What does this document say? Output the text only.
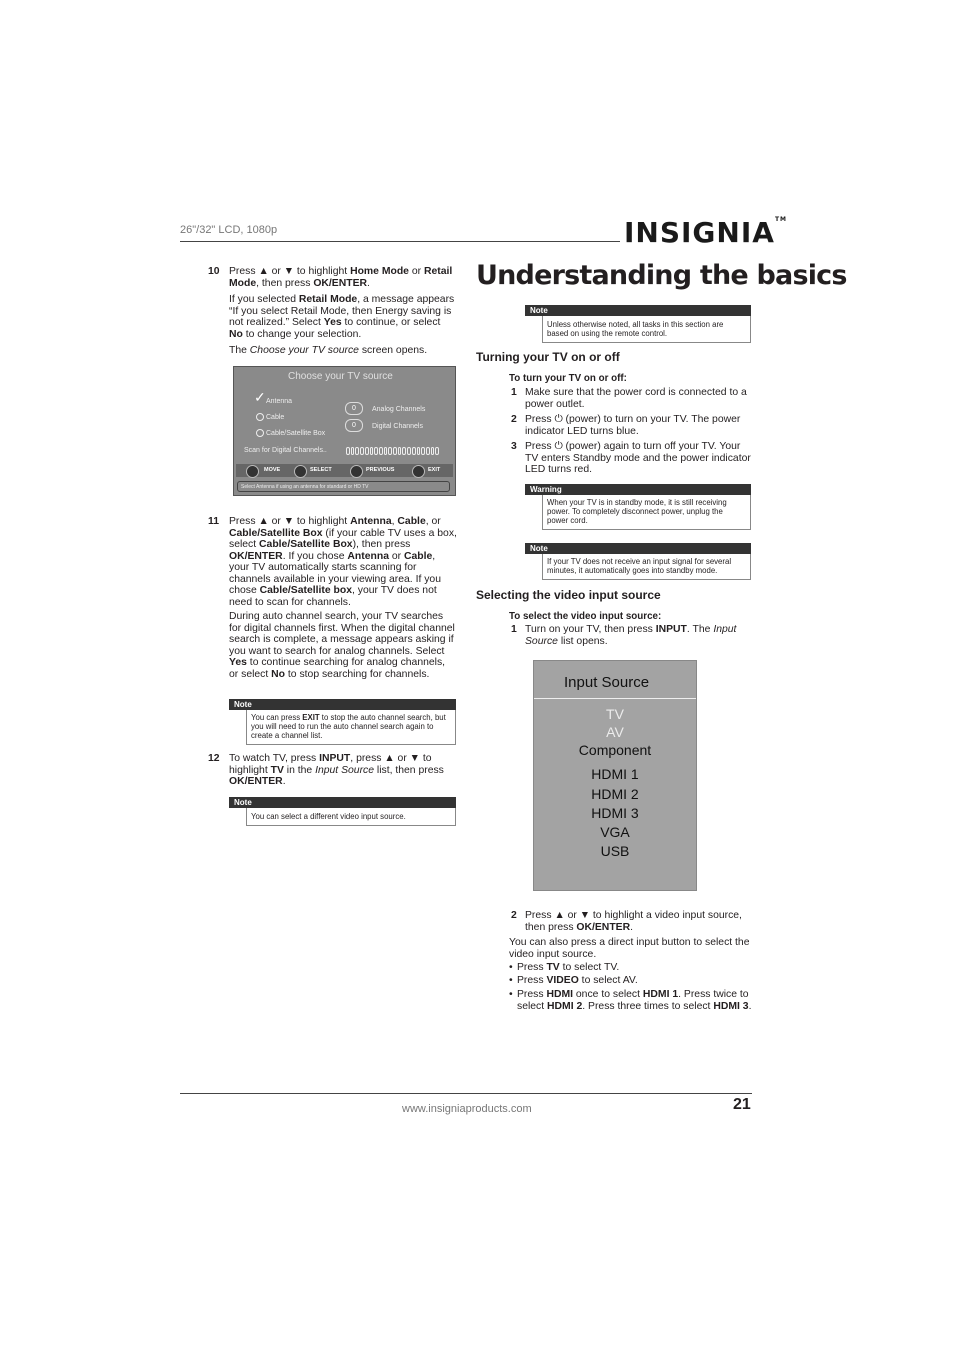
26"/32" LCD, 1080p	INSIGNIA™
www.insigniaproducts.com	21
10 Press ▲ or ▼ to highlight Home Mode or Retail Mode, then press OK/ENTER.
If you selected Retail Mode, a message appears “If you select Retail Mode, then Energy saving is not realized.” Select Yes to continue, or select No to change your selection.
The Choose your TV source screen opens.
Choose your TV source
✓ Antenna
Cable
Cable/Satellite Box
0	Analog Channels
0	Digital Channels
Scan for Digital Channels..
MOVE	SELECT	PREVIOUS	EXIT
Select Antenna if using an antenna for standard or HD TV
11 Press ▲ or ▼ to highlight Antenna, Cable, or Cable/Satellite Box (if your cable TV uses a box, select Cable/Satellite Box), then press OK/ENTER. If you chose Antenna or Cable, your TV automatically starts scanning for channels available in your viewing area. If you chose Cable/Satellite box, your TV does not need to scan for channels.
During auto channel search, your TV searches for digital channels first. When the digital channel search is complete, a message appears asking if you want to search for analog channels. Select Yes to continue searching for analog channels, or select No to stop searching for channels.
Note
You can press EXIT to stop the auto channel search, but you will need to run the auto channel search again to create a channel list.
12 To watch TV, press INPUT, press ▲ or ▼ to highlight TV in the Input Source list, then press OK/ENTER.
Note
You can select a different video input source.
Understanding the basics
Note
Unless otherwise noted, all tasks in this section are based on using the remote control.
Turning your TV on or off
To turn your TV on or off:
1 Make sure that the power cord is connected to a power outlet.
2 Press ⏻ (power) to turn on your TV. The power indicator LED turns blue.
3 Press ⏻ (power) again to turn off your TV. Your TV enters Standby mode and the power indicator LED turns red.
Warning
When your TV is in standby mode, it is still receiving power. To completely disconnect power, unplug the power cord.
Note
If your TV does not receive an input signal for several minutes, it automatically goes into standby mode.
Selecting the video input source
To select the video input source:
1 Turn on your TV, then press INPUT. The Input Source list opens.
Input Source
TV
AV
Component
HDMI 1
HDMI 2
HDMI 3
VGA
USB
2 Press ▲ or ▼ to highlight a video input source, then press OK/ENTER.
You can also press a direct input button to select the video input source.
• Press TV to select TV.
• Press VIDEO to select AV.
• Press HDMI once to select HDMI 1. Press twice to select HDMI 2. Press three times to select HDMI 3.
